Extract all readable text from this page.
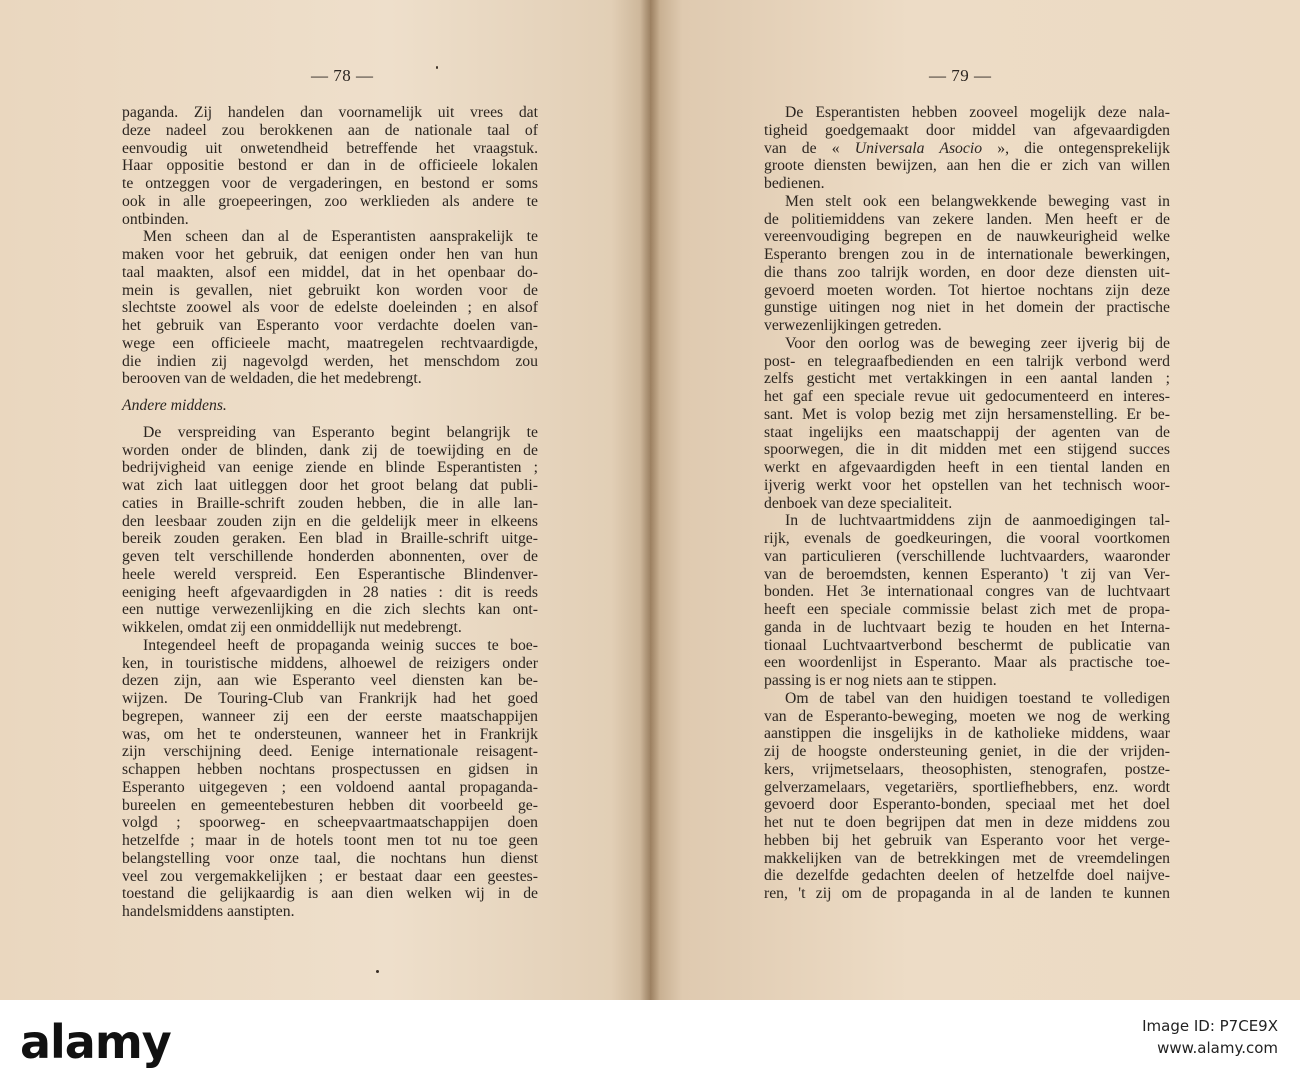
— 78 —
paganda. Zij handelen dan voornamelijk uit vrees dat
deze nadeel zou berokkenen aan de nationale taal of
eenvoudig uit onwetendheid betreffende het vraagstuk.
Haar oppositie bestond er dan in de officieele lokalen
te ontzeggen voor de vergaderingen, en bestond er soms
ook in alle groepeeringen, zoo werklieden als andere te
ontbinden.
Men scheen dan al de Esperantisten aansprakelijk te
maken voor het gebruik, dat eenigen onder hen van hun
taal maakten, alsof een middel, dat in het openbaar do-
mein is gevallen, niet gebruikt kon worden voor de
slechtste zoowel als voor de edelste doeleinden ; en alsof
het gebruik van Esperanto voor verdachte doelen van-
wege een officieele macht, maatregelen rechtvaardigde,
die indien zij nagevolgd werden, het menschdom zou
berooven van de weldaden, die het medebrengt.
Andere middens.
De verspreiding van Esperanto begint belangrijk te
worden onder de blinden, dank zij de toewijding en de
bedrijvigheid van eenige ziende en blinde Esperantisten ;
wat zich laat uitleggen door het groot belang dat publi-
caties in Braille-schrift zouden hebben, die in alle lan-
den leesbaar zouden zijn en die geldelijk meer in elkeens
bereik zouden geraken. Een blad in Braille-schrift uitge-
geven telt verschillende honderden abonnenten, over de
heele wereld verspreid. Een Esperantische Blindenver-
eeniging heeft afgevaardigden in 28 naties : dit is reeds
een nuttige verwezenlijking en die zich slechts kan ont-
wikkelen, omdat zij een onmiddellijk nut medebrengt.
Integendeel heeft de propaganda weinig succes te boe-
ken, in touristische middens, alhoewel de reizigers onder
dezen zijn, aan wie Esperanto veel diensten kan be-
wijzen. De Touring-Club van Frankrijk had het goed
begrepen, wanneer zij een der eerste maatschappijen
was, om het te ondersteunen, wanneer het in Frankrijk
zijn verschijning deed. Eenige internationale reisagent-
schappen hebben nochtans prospectussen en gidsen in
Esperanto uitgegeven ; een voldoend aantal propaganda-
bureelen en gemeentebesturen hebben dit voorbeeld ge-
volgd ; spoorweg- en scheepvaartmaatschappijen doen
hetzelfde ; maar in de hotels toont men tot nu toe geen
belangstelling voor onze taal, die nochtans hun dienst
veel zou vergemakkelijken ; er bestaat daar een geestes-
toestand die gelijkaardig is aan dien welken wij in de
handelsmiddens aanstipten.
— 79 —
De Esperantisten hebben zooveel mogelijk deze nala-
tigheid goedgemaakt door middel van afgevaardigden
van de « Universala Asocio », die ontegensprekelijk
groote diensten bewijzen, aan hen die er zich van willen
bedienen.
Men stelt ook een belangwekkende beweging vast in
de politiemiddens van zekere landen. Men heeft er de
vereenvoudiging begrepen en de nauwkeurigheid welke
Esperanto brengen zou in de internationale bewerkingen,
die thans zoo talrijk worden, en door deze diensten uit-
gevoerd moeten worden. Tot hiertoe nochtans zijn deze
gunstige uitingen nog niet in het domein der practische
verwezenlijkingen getreden.
Voor den oorlog was de beweging zeer ijverig bij de
post- en telegraafbedienden en een talrijk verbond werd
zelfs gesticht met vertakkingen in een aantal landen ;
het gaf een speciale revue uit gedocumenteerd en interes-
sant. Met is volop bezig met zijn hersamenstelling. Er be-
staat ingelijks een maatschappij der agenten van de
spoorwegen, die in dit midden met een stijgend succes
werkt en afgevaardigden heeft in een tiental landen en
ijverig werkt voor het opstellen van het technisch woor-
denboek van deze specialiteit.
In de luchtvaartmiddens zijn de aanmoedigingen tal-
rijk, evenals de goedkeuringen, die vooral voortkomen
van particulieren (verschillende luchtvaarders, waaronder
van de beroemdsten, kennen Esperanto) 't zij van Ver-
bonden. Het 3e internationaal congres van de luchtvaart
heeft een speciale commissie belast zich met de propa-
ganda in de luchtvaart bezig te houden en het Interna-
tionaal Luchtvaartverbond beschermt de publicatie van
een woordenlijst in Esperanto. Maar als practische toe-
passing is er nog niets aan te stippen.
Om de tabel van den huidigen toestand te volledigen
van de Esperanto-beweging, moeten we nog de werking
aanstippen die insgelijks in de katholieke middens, waar
zij de hoogste ondersteuning geniet, in die der vrijden-
kers, vrijmetselaars, theosophisten, stenografen, postze-
gelverzamelaars, vegetariërs, sportliefhebbers, enz. wordt
gevoerd door Esperanto-bonden, speciaal met het doel
het nut te doen begrijpen dat men in deze middens zou
hebben bij het gebruik van Esperanto voor het verge-
makkelijken van de betrekkingen met de vreemdelingen
die dezelfde gedachten deelen of hetzelfde doel naijve-
ren, 't zij om de propaganda in al de landen te kunnen
alamy	Image ID: P7CE9X
www.alamy.com
